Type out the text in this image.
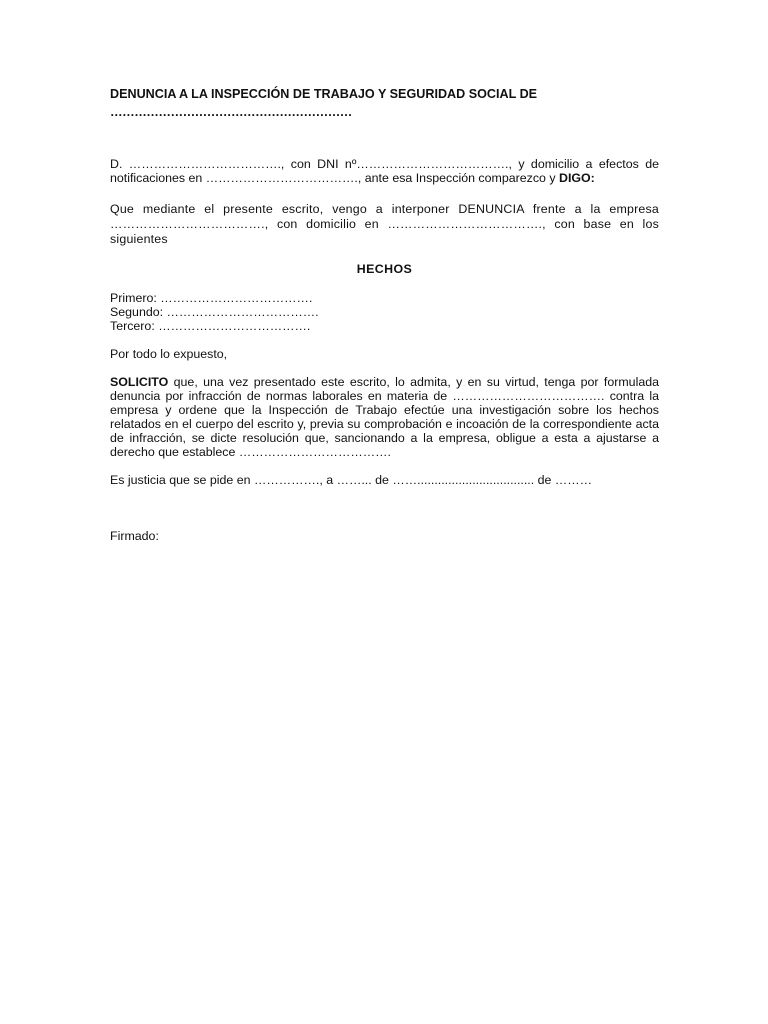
DENUNCIA A LA INSPECCIÓN DE TRABAJO Y SEGURIDAD SOCIAL DE
……………………………………………………
D. ………………………………., con DNI nº………………………………., y domicilio a efectos de notificaciones en ………………………………., ante esa Inspección comparezco y DIGO:
Que mediante el presente escrito, vengo a interponer DENUNCIA frente a la empresa ………………………………., con domicilio en ………………………………., con base en los siguientes
HECHOS
Primero: ……………………………….
Segundo: ……………………………….
Tercero: ……………………………….
Por todo lo expuesto,
SOLICITO que, una vez presentado este escrito, lo admita, y en su virtud, tenga por formulada denuncia por infracción de normas laborales en materia de ………………………………. contra la empresa y ordene que la Inspección de Trabajo efectúe una investigación sobre los hechos relatados en el cuerpo del escrito y, previa su comprobación e incoación de la correspondiente acta de infracción, se dicte resolución que, sancionando a la empresa, obligue a esta a ajustarse a derecho que establece ……………………………….
Es justicia que se pide en ……………., a ……... de …….................................. de ………
Firmado:
